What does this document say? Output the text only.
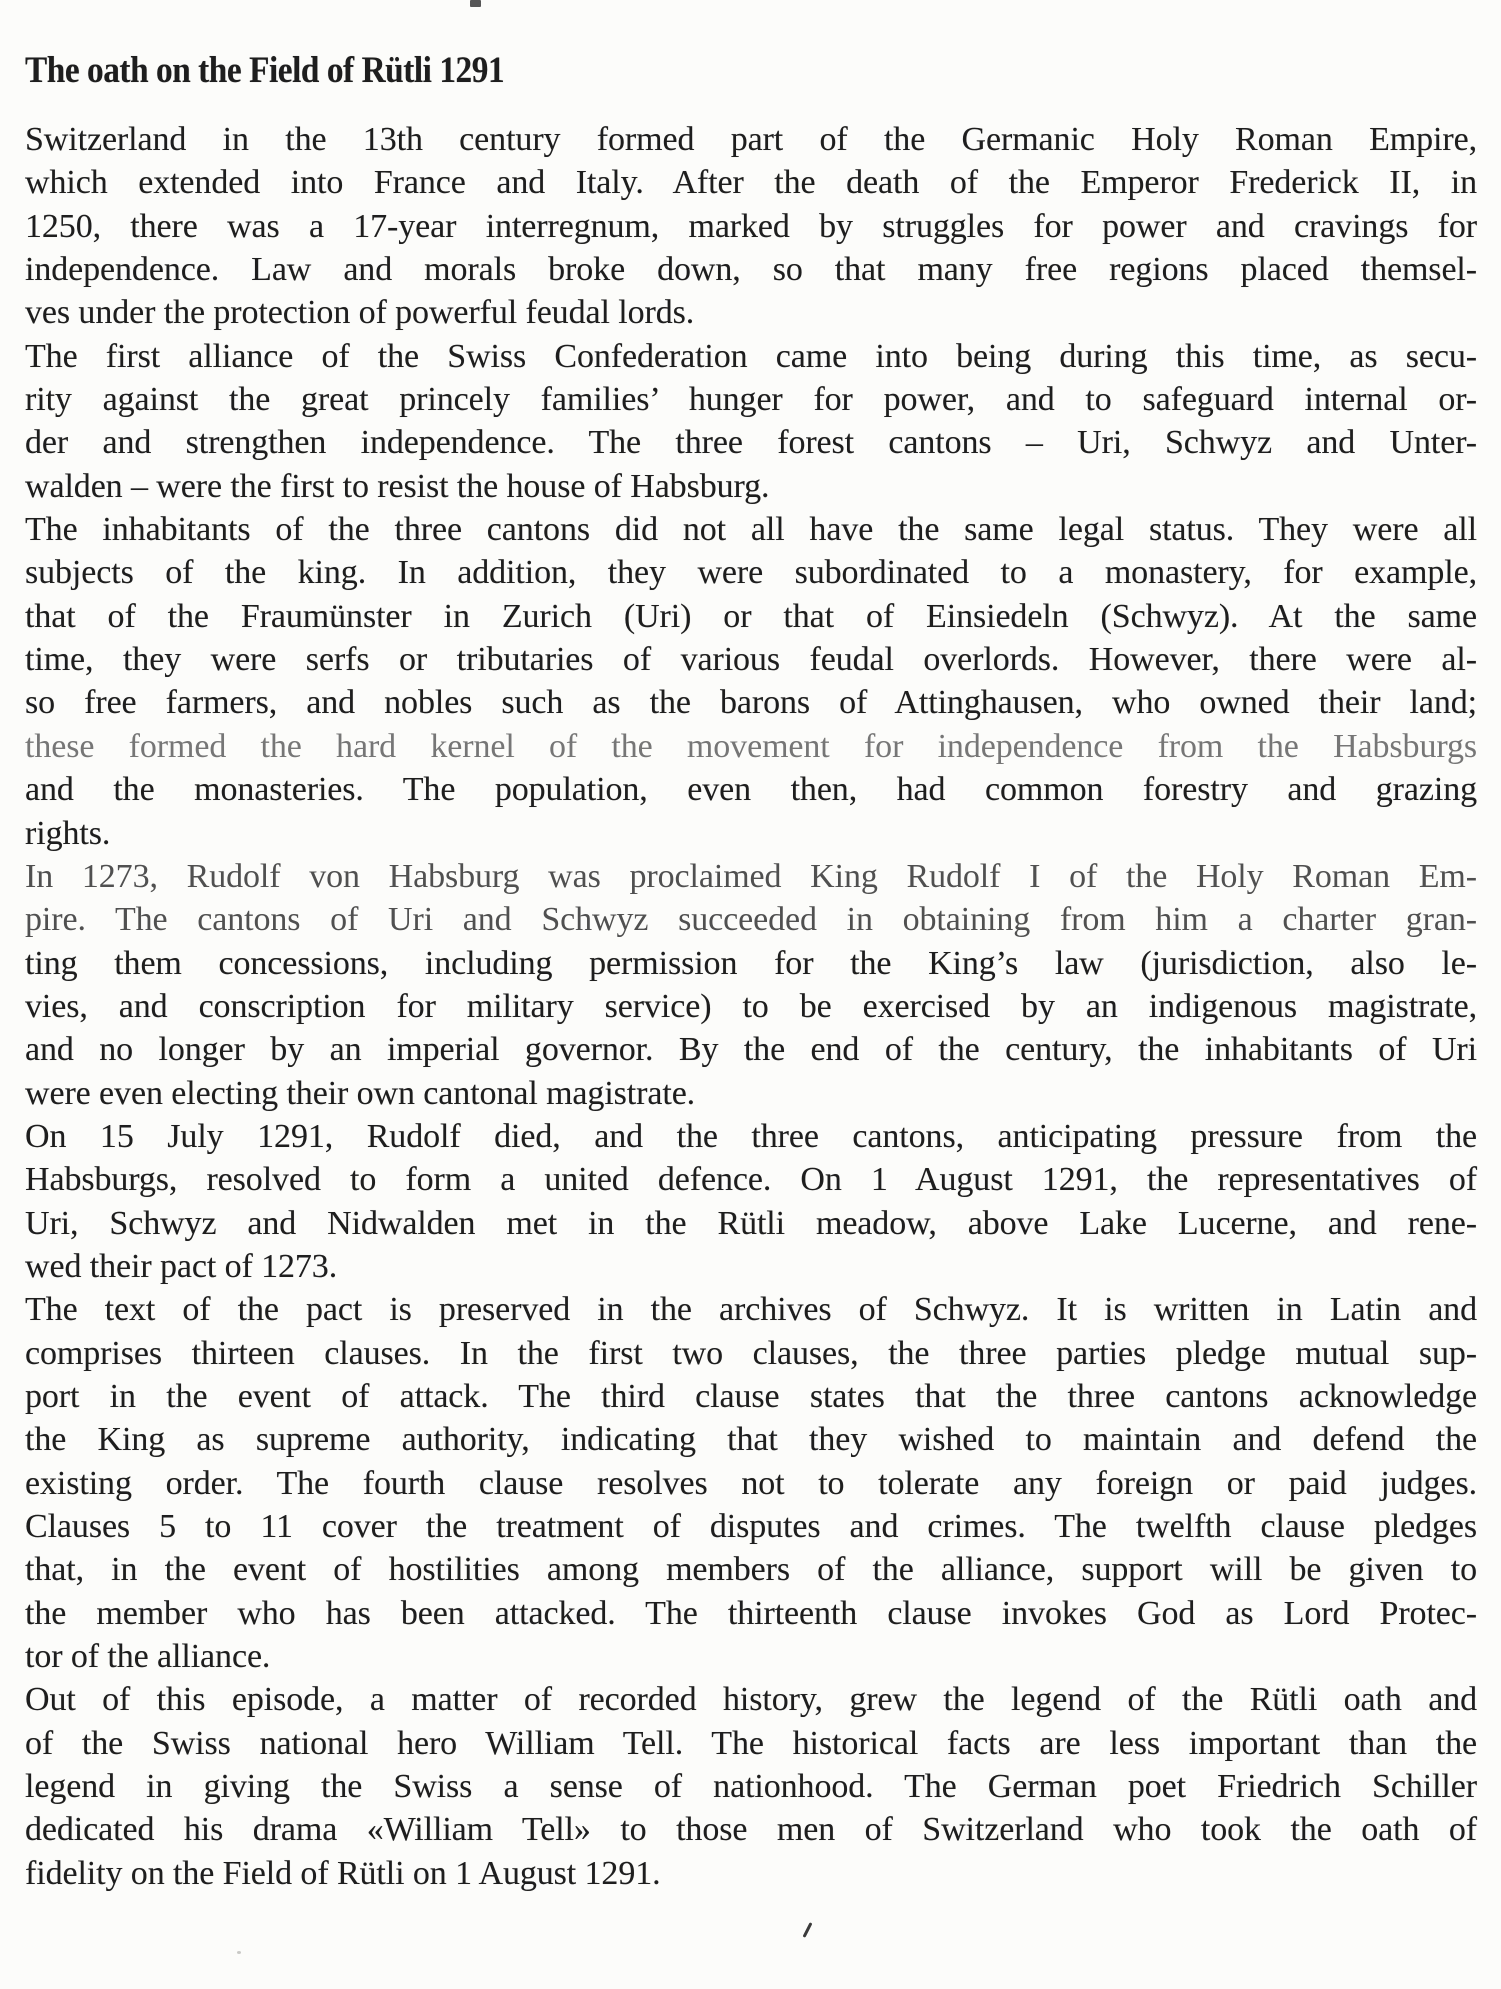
The oath on the Field of Rütli 1291
Switzerland in the 13th century formed part of the Germanic Holy Roman Empire,
which extended into France and Italy. After the death of the Emperor Frederick II, in
1250, there was a 17-year interregnum, marked by struggles for power and cravings for
independence. Law and morals broke down, so that many free regions placed themsel-
ves under the protection of powerful feudal lords.
The first alliance of the Swiss Confederation came into being during this time, as secu-
rity against the great princely families’ hunger for power, and to safeguard internal or-
der and strengthen independence. The three forest cantons – Uri, Schwyz and Unter-
walden – were the first to resist the house of Habsburg.
The inhabitants of the three cantons did not all have the same legal status. They were all
subjects of the king. In addition, they were subordinated to a monastery, for example,
that of the Fraumünster in Zurich (Uri) or that of Einsiedeln (Schwyz). At the same
time, they were serfs or tributaries of various feudal overlords. However, there were al-
so free farmers, and nobles such as the barons of Attinghausen, who owned their land;
these formed the hard kernel of the movement for independence from the Habsburgs
and the monasteries. The population, even then, had common forestry and grazing
rights.
In 1273, Rudolf von Habsburg was proclaimed King Rudolf I of the Holy Roman Em-
pire. The cantons of Uri and Schwyz succeeded in obtaining from him a charter gran-
ting them concessions, including permission for the King’s law (jurisdiction, also le-
vies, and conscription for military service) to be exercised by an indigenous magistrate,
and no longer by an imperial governor. By the end of the century, the inhabitants of Uri
were even electing their own cantonal magistrate.
On 15 July 1291, Rudolf died, and the three cantons, anticipating pressure from the
Habsburgs, resolved to form a united defence. On 1 August 1291, the representatives of
Uri, Schwyz and Nidwalden met in the Rütli meadow, above Lake Lucerne, and rene-
wed their pact of 1273.
The text of the pact is preserved in the archives of Schwyz. It is written in Latin and
comprises thirteen clauses. In the first two clauses, the three parties pledge mutual sup-
port in the event of attack. The third clause states that the three cantons acknowledge
the King as supreme authority, indicating that they wished to maintain and defend the
existing order. The fourth clause resolves not to tolerate any foreign or paid judges.
Clauses 5 to 11 cover the treatment of disputes and crimes. The twelfth clause pledges
that, in the event of hostilities among members of the alliance, support will be given to
the member who has been attacked. The thirteenth clause invokes God as Lord Protec-
tor of the alliance.
Out of this episode, a matter of recorded history, grew the legend of the Rütli oath and
of the Swiss national hero William Tell. The historical facts are less important than the
legend in giving the Swiss a sense of nationhood. The German poet Friedrich Schiller
dedicated his drama «William Tell» to those men of Switzerland who took the oath of
fidelity on the Field of Rütli on 1 August 1291.
